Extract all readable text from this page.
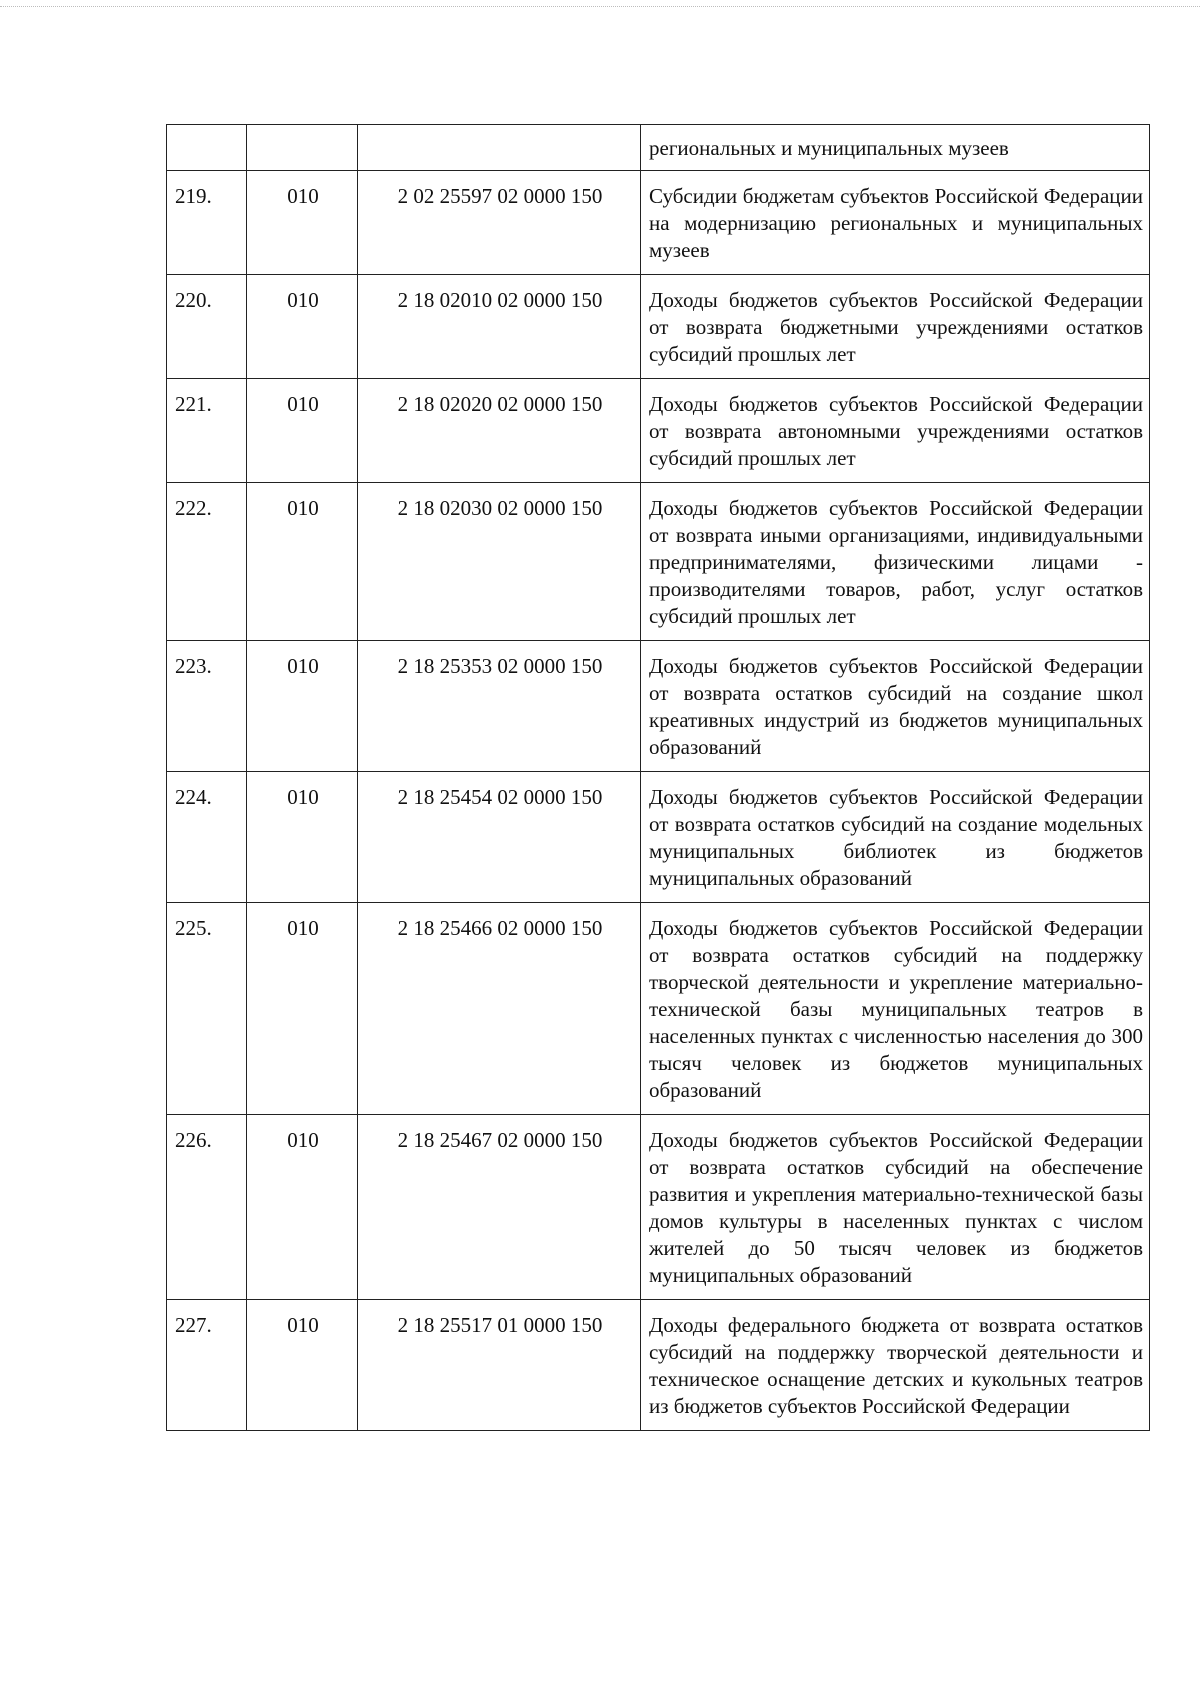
			региональных и муниципальных музеев
219.	010	2 02 25597 02 0000 150	Субсидии бюджетам субъектов Российской Федерации на модернизацию региональных и муниципальных музеев
220.	010	2 18 02010 02 0000 150	Доходы бюджетов субъектов Российской Федерации от возврата бюджетными учреждениями остатков субсидий прошлых лет
221.	010	2 18 02020 02 0000 150	Доходы бюджетов субъектов Российской Федерации от возврата автономными учреждениями остатков субсидий прошлых лет
222.	010	2 18 02030 02 0000 150	Доходы бюджетов субъектов Российской Федерации от возврата иными организациями, индивидуальными предпринимателями, физическими лицами - производителями товаров, работ, услуг остатков субсидий прошлых лет
223.	010	2 18 25353 02 0000 150	Доходы бюджетов субъектов Российской Федерации от возврата остатков субсидий на создание школ креативных индустрий из бюджетов муниципальных образований
224.	010	2 18 25454 02 0000 150	Доходы бюджетов субъектов Российской Федерации от возврата остатков субсидий на создание модельных муниципальных библиотек из бюджетов муниципальных образований
225.	010	2 18 25466 02 0000 150	Доходы бюджетов субъектов Российской Федерации от возврата остатков субсидий на поддержку творческой деятельности и укрепление материально-технической базы муниципальных театров в населенных пунктах с численностью населения до 300 тысяч человек из бюджетов муниципальных образований
226.	010	2 18 25467 02 0000 150	Доходы бюджетов субъектов Российской Федерации от возврата остатков субсидий на обеспечение развития и укрепления материально-технической базы домов культуры в населенных пунктах с числом жителей до 50 тысяч человек из бюджетов муниципальных образований
227.	010	2 18 25517 01 0000 150	Доходы федерального бюджета от возврата остатков субсидий на поддержку творческой деятельности и техническое оснащение детских и кукольных театров из бюджетов субъектов Российской Федерации
